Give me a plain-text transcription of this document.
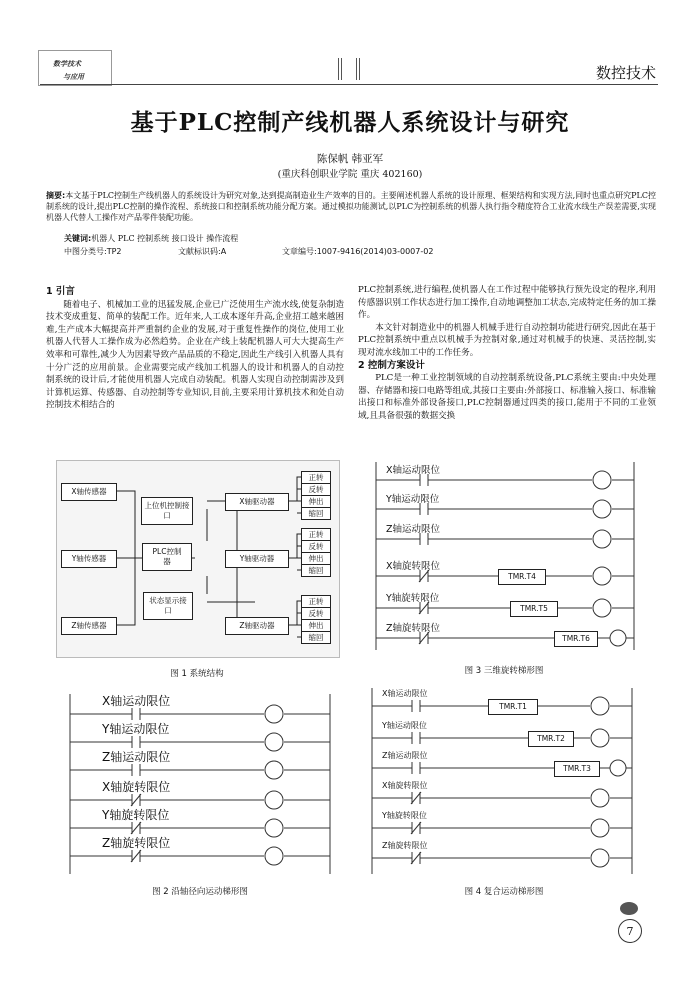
数学技术
与应用	数控技术
基于PLC控制产线机器人系统设计与研究
陈保帆 韩亚军
(重庆科创职业学院 重庆 402160)
摘要:本文基于PLC控制生产线机器人的系统设计为研究对象,达到提高制造业生产效率的目的。主要阐述机器人系统的设计原理、框架结构和实现方法,同时也重点研究PLC控制系统的设计,提出PLC控制的操作流程、系统接口和控制系统功能分配方案。通过模拟功能测试,以PLC为控制系统的机器人执行指令精度符合工业流水线生产误差需要,实现机器人代替人工操作对产品零件装配功能。
关键词:机器人 PLC 控制系统 接口设计 操作流程
中图分类号:TP2	文献标识码:A	文章编号:1007-9416(2014)03-0007-02

1 引言

随着电子、机械加工业的迅猛发展,企业已广泛使用生产流水线,使复杂制造技术变成重复、简单的装配工作。近年来,人工成本逐年升高,企业招工越来越困难,生产成本大幅提高并严重制约企业的发展,对于重复性操作的岗位,使用工业机器人代替人工操作成为必然趋势。企业在产线上装配机器人可大大提高生产效率和可靠性,减少人为因素导致产品品质的不稳定,因此生产线引入机器人具有十分广泛的应用前景。企业需要完成产线加工机器人的设计和机器人的自动控制系统的设计后,才能使用机器人完成自动装配。机器人实现自动控制需涉及到计算机运算、传感器、自动控制等专业知识,目前,主要采用计算机技术和处自动控制技术相结合的

PLC控制系统,进行编程,使机器人在工作过程中能够执行预先设定的程序,利用传感器识别工作状态进行加工操作,自动地调整加工状态,完成特定任务的加工操作。

本文针对制造业中的机器人机械手进行自动控制功能进行研究,因此在基于PLC控制系统中重点以机械手为控制对象,通过对机械手的快速、灵活控制,实现对流水线加工中的工作任务。

2 控制方案设计

PLC是一种工业控制领域的自动控制系统设备,PLC系统主要由:中央处理器、存储器和接口电路等组成,其接口主要由:外部接口、标准输入接口、标准输出接口和标准外部设备接口,PLC控制器通过四类的接口,能用于不同的工业领域,且具备很强的数据交换

X轴传感器
Y轴传感器
Z轴传感器
上位机控制接口
PLC控制器
状态显示接口
X轴驱动器
Y轴驱动器
Z轴驱动器
正转
反转
伸出
缩回
正转
反转
伸出
缩回
正转
反转
伸出
缩回
图 1 系统结构
X轴运动限位
Y轴运动限位
Z轴运动限位
X轴旋转限位
Y轴旋转限位
Z轴旋转限位
图 2 沿轴径向运动梯形图
X轴运动限位
Y轴运动限位
Z轴运动限位
X轴旋转限位
Y轴旋转限位
Z轴旋转限位
TMR.T4
TMR.T5
TMR.T6
图 3 三维旋转梯形图
X轴运动限位
Y轴运动限位
Z轴运动限位
X轴旋转限位
Y轴旋转限位
Z轴旋转限位
TMR.T1
TMR.T2
TMR.T3
图 4 复合运动梯形图
7
